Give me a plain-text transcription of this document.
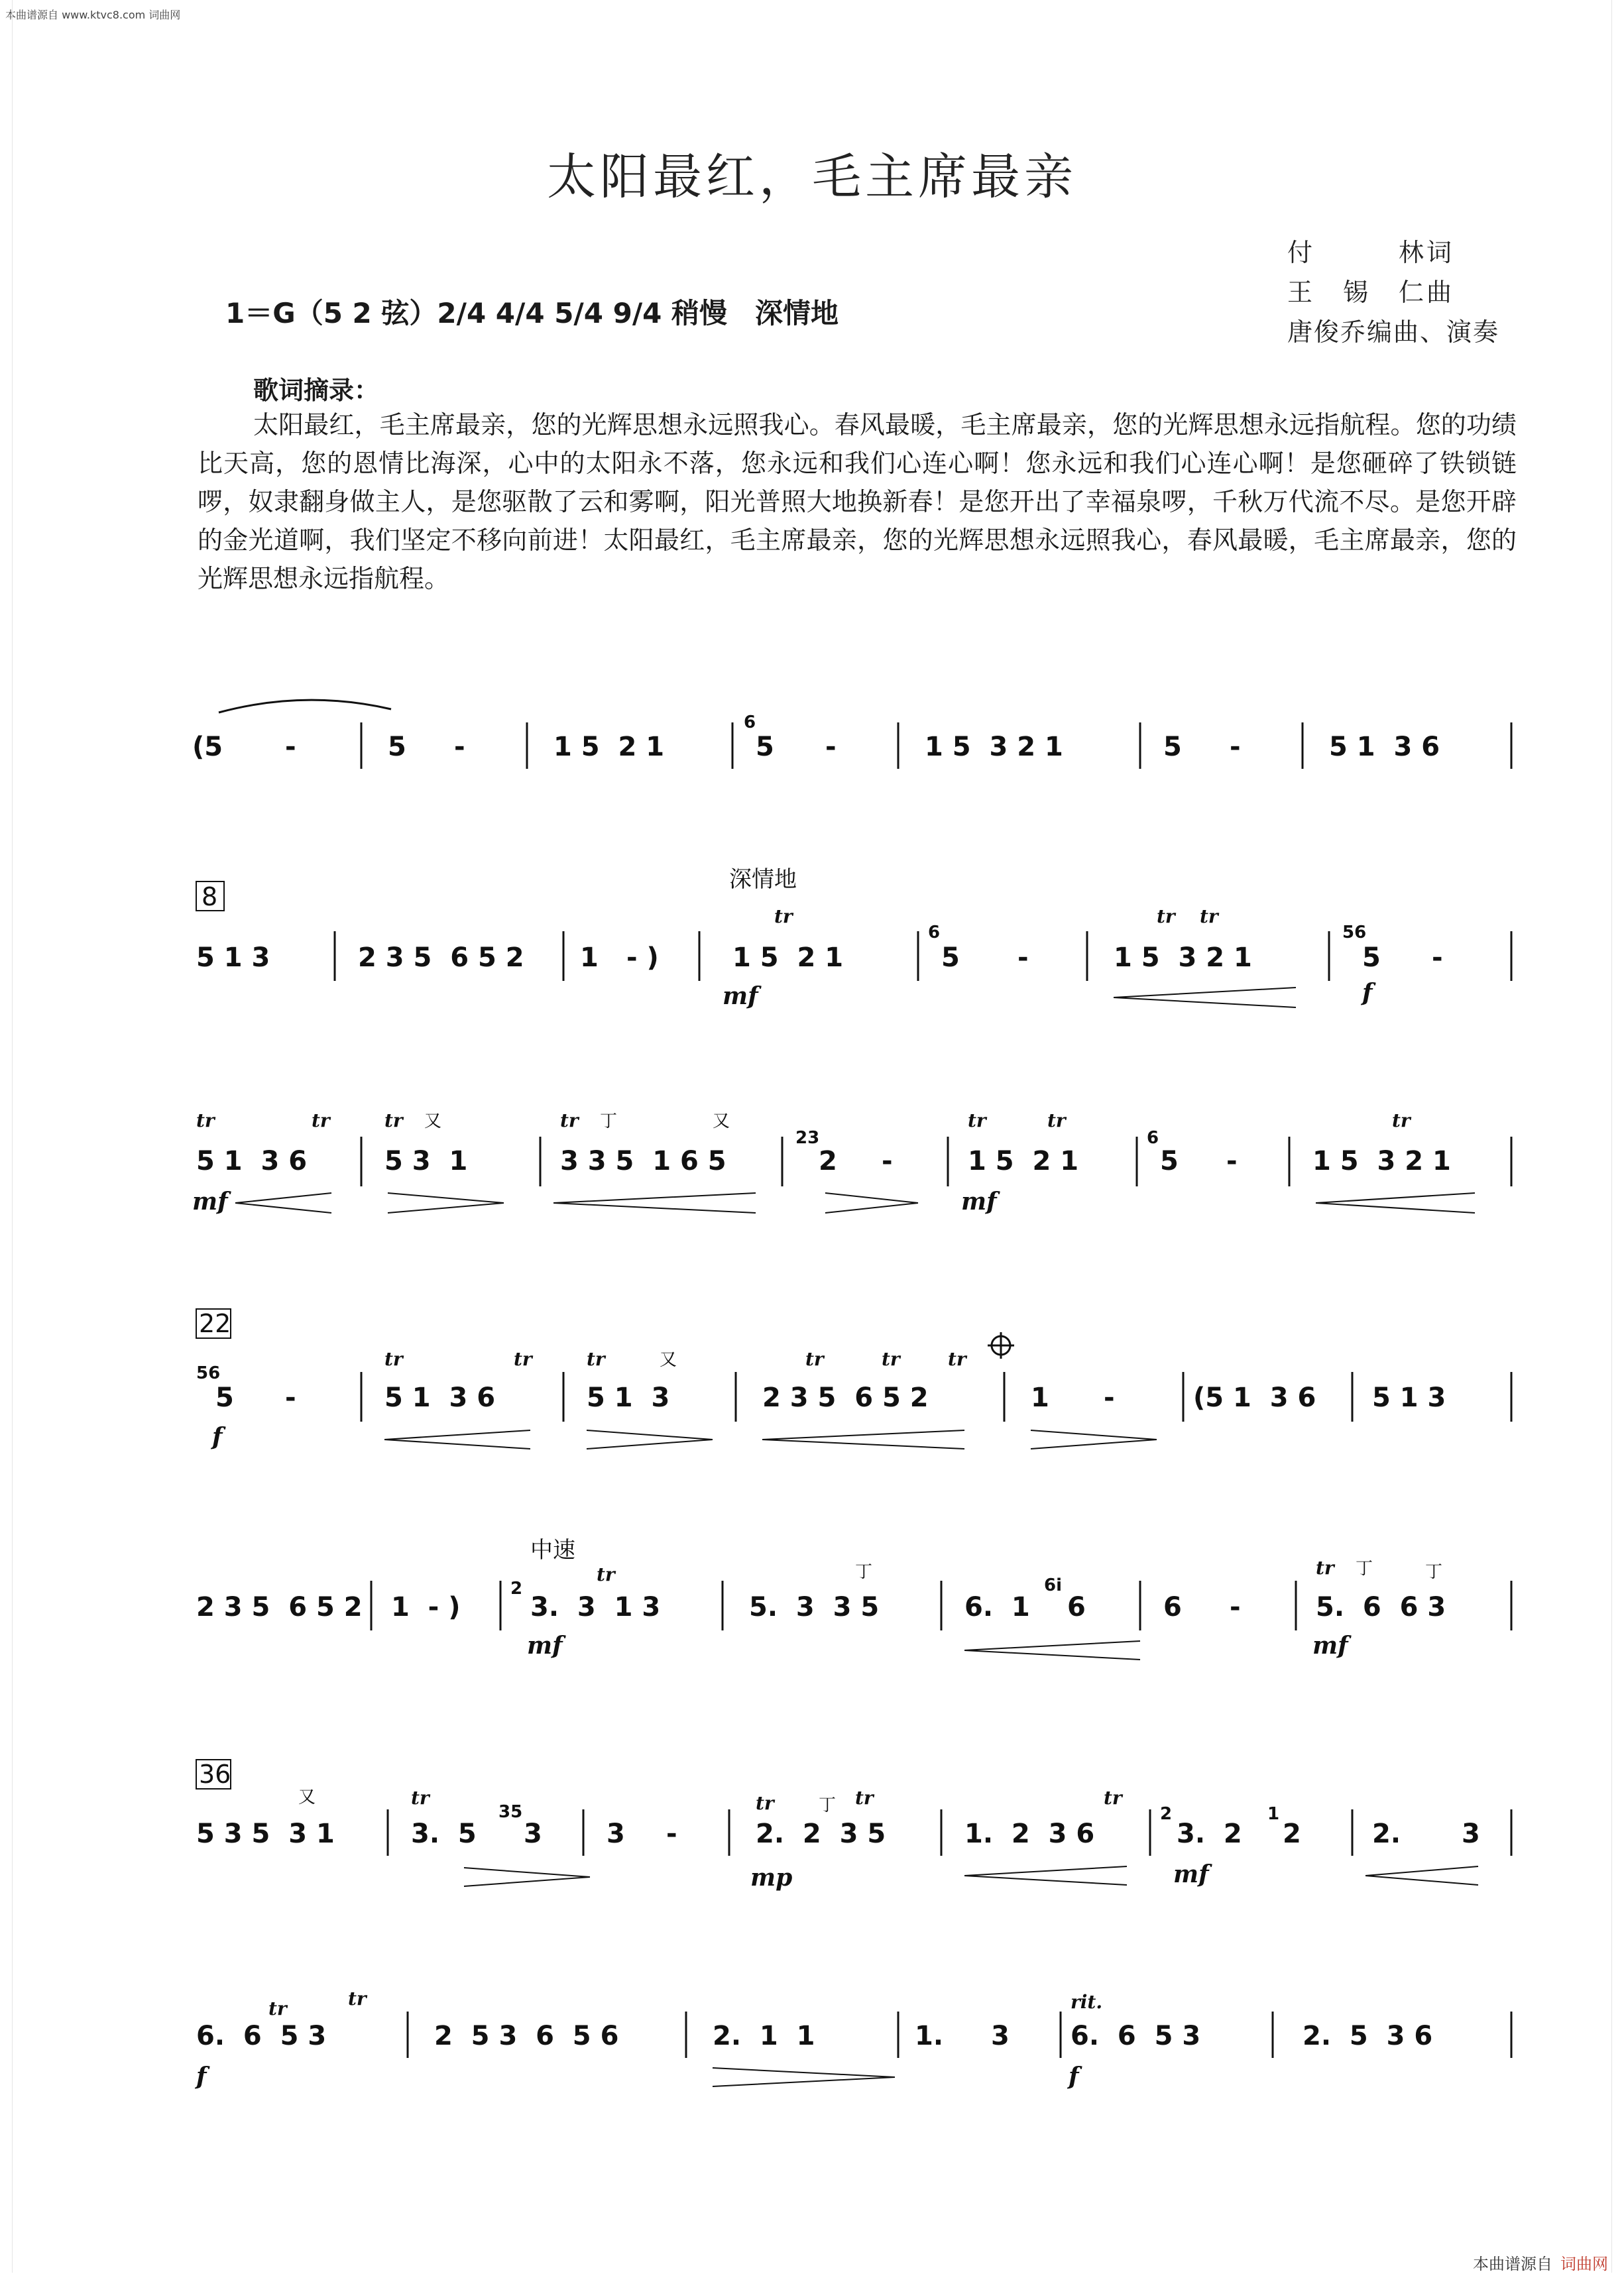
本曲谱源自 www.ktvc8.com 词曲网
太阳最红，毛主席最亲
付　　　林词
王　锡　仁曲
唐俊乔编曲、演奏
1＝G（5 2 弦）2/4 4/4 5/4 9/4 稍慢　深情地
歌词摘录：
太阳最红，毛主席最亲，您的光辉思想永远照我心。春风最暖，毛主席最亲，您的光辉思想永远指航程。您的功绩比天高，您的恩情比海深，心中的太阳永不落，您永远和我们心连心啊！您永远和我们心连心啊！是您砸碎了铁锁链啰，奴隶翻身做主人，是您驱散了云和雾啊，阳光普照大地换新春！是您开出了幸福泉啰，千秋万代流不尽。是您开辟的金光道啊，我们坚定不移向前进！太阳最红，毛主席最亲，您的光辉思想永远照我心，春风最暖，毛主席最亲，您的光辉思想永远指航程。
(5 -	5 -	1 5  2 1
6
5 -	1 5  3 2 1	5 -	5 1  3 6
8
深情地
5 1 3	2 3 5  6 5 2 1 - )
tr
1 5  2 1
mf
6
5 -
tr tr
1 5  3 2 1
56
5
f
-
tr	tr
5 1  3 6
mf
tr 又
5 3  1
tr 丁	又
3 3 5  1 6 5
23
2 -
tr	tr
1 5  2 1
mf
6
5 -
tr
1 5  3 2 1
22
56
5
f
-
tr	tr
5 1  3 6
tr	又
5 1  3
tr	tr	tr
2 3 5  6 5 2	1 -	(5 1  3 6 5 1 3
中速
2 3 5  6 5 2 1  - )
2
tr
3.  3  1 3
mf
丁
5.  3  3 5	6.  1
6i
6	6 -
tr 丁	丁
5.  6  6 3
mf
36
又
5 3 5  3 1
tr
3.  5
35
3 3 -
tr	丁 tr
2.  2  3 5
mp
tr
1.  2  3 6
2
3.  2
mf
1
2	2. 3
tr	tr
6.  6  5 3
f
2  5 3  6  5 6	2.  1  1	1. 3
rit.
6.  6  5 3
f
2.  5  3 6
本曲谱源自 词曲网
